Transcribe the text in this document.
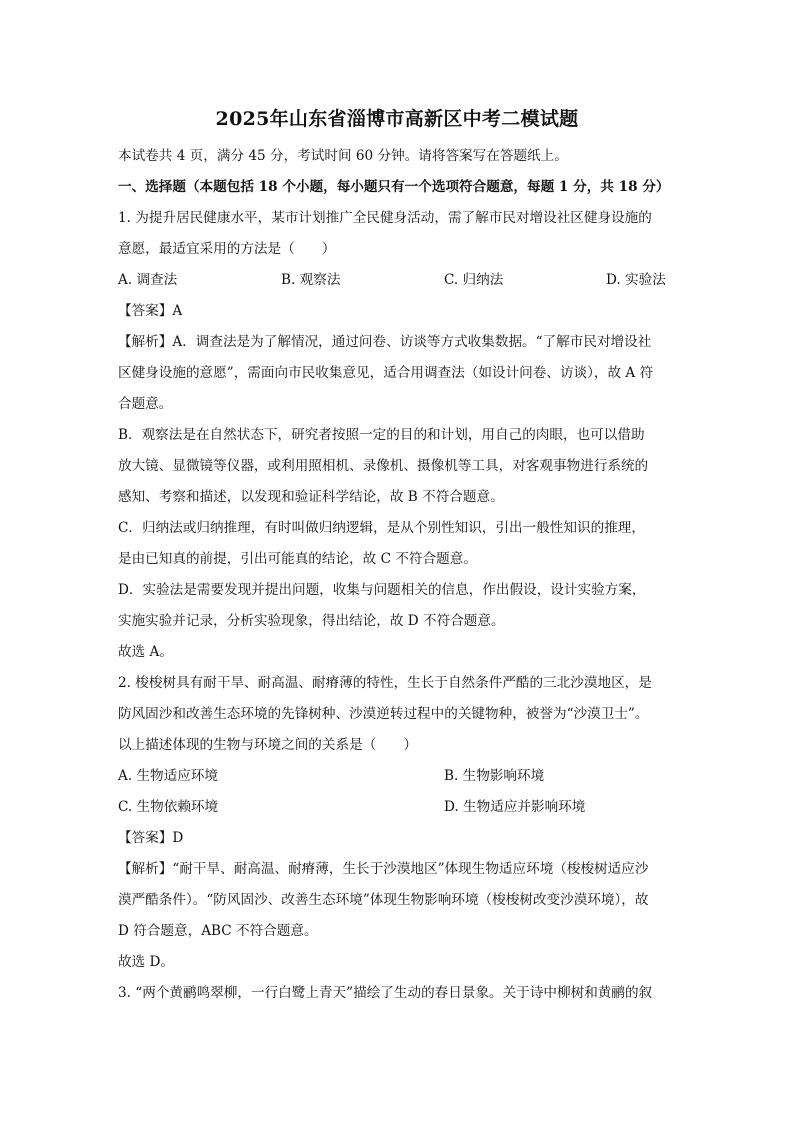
2025年山东省淄博市高新区中考二模试题
本试卷共 4 页，满分 45 分，考试时间 60 分钟。请将答案写在答题纸上。
一、选择题（本题包括 18 个小题，每小题只有一个选项符合题意，每题 1 分，共 18 分）
1. 为提升居民健康水平，某市计划推广全民健身活动，需了解市民对增设社区健身设施的
意愿，最适宜采用的方法是（　　）
A. 调查法	B. 观察法	C. 归纳法	D. 实验法
【答案】A
【解析】A．调查法是为了解情况，通过问卷、访谈等方式收集数据。“了解市民对增设社
区健身设施的意愿”，需面向市民收集意见，适合用调查法（如设计问卷、访谈），故 A 符
合题意。
B．观察法是在自然状态下，研究者按照一定的目的和计划，用自己的肉眼，也可以借助
放大镜、显微镜等仪器，或利用照相机、录像机、摄像机等工具，对客观事物进行系统的
感知、考察和描述，以发现和验证科学结论，故 B 不符合题意。
C．归纳法或归纳推理，有时叫做归纳逻辑，是从个别性知识，引出一般性知识的推理，
是由已知真的前提，引出可能真的结论，故 C 不符合题意。
D．实验法是需要发现并提出问题，收集与问题相关的信息，作出假设，设计实验方案，
实施实验并记录，分析实验现象，得出结论，故 D 不符合题意。
故选 A。
2. 梭梭树具有耐干旱、耐高温、耐瘠薄的特性，生长于自然条件严酷的三北沙漠地区，是
防风固沙和改善生态环境的先锋树种、沙漠逆转过程中的关键物种，被誉为“沙漠卫士”。
以上描述体现的生物与环境之间的关系是（　　）
A. 生物适应环境	B. 生物影响环境
C. 生物依赖环境	D. 生物适应并影响环境
【答案】D
【解析】“耐干旱、耐高温、耐瘠薄，生长于沙漠地区”体现生物适应环境（梭梭树适应沙
漠严酷条件）。“防风固沙、改善生态环境”体现生物影响环境（梭梭树改变沙漠环境），故
D 符合题意，ABC 不符合题意。
故选 D。
3. “两个黄鹂鸣翠柳，一行白鹭上青天”描绘了生动的春日景象。关于诗中柳树和黄鹂的叙
